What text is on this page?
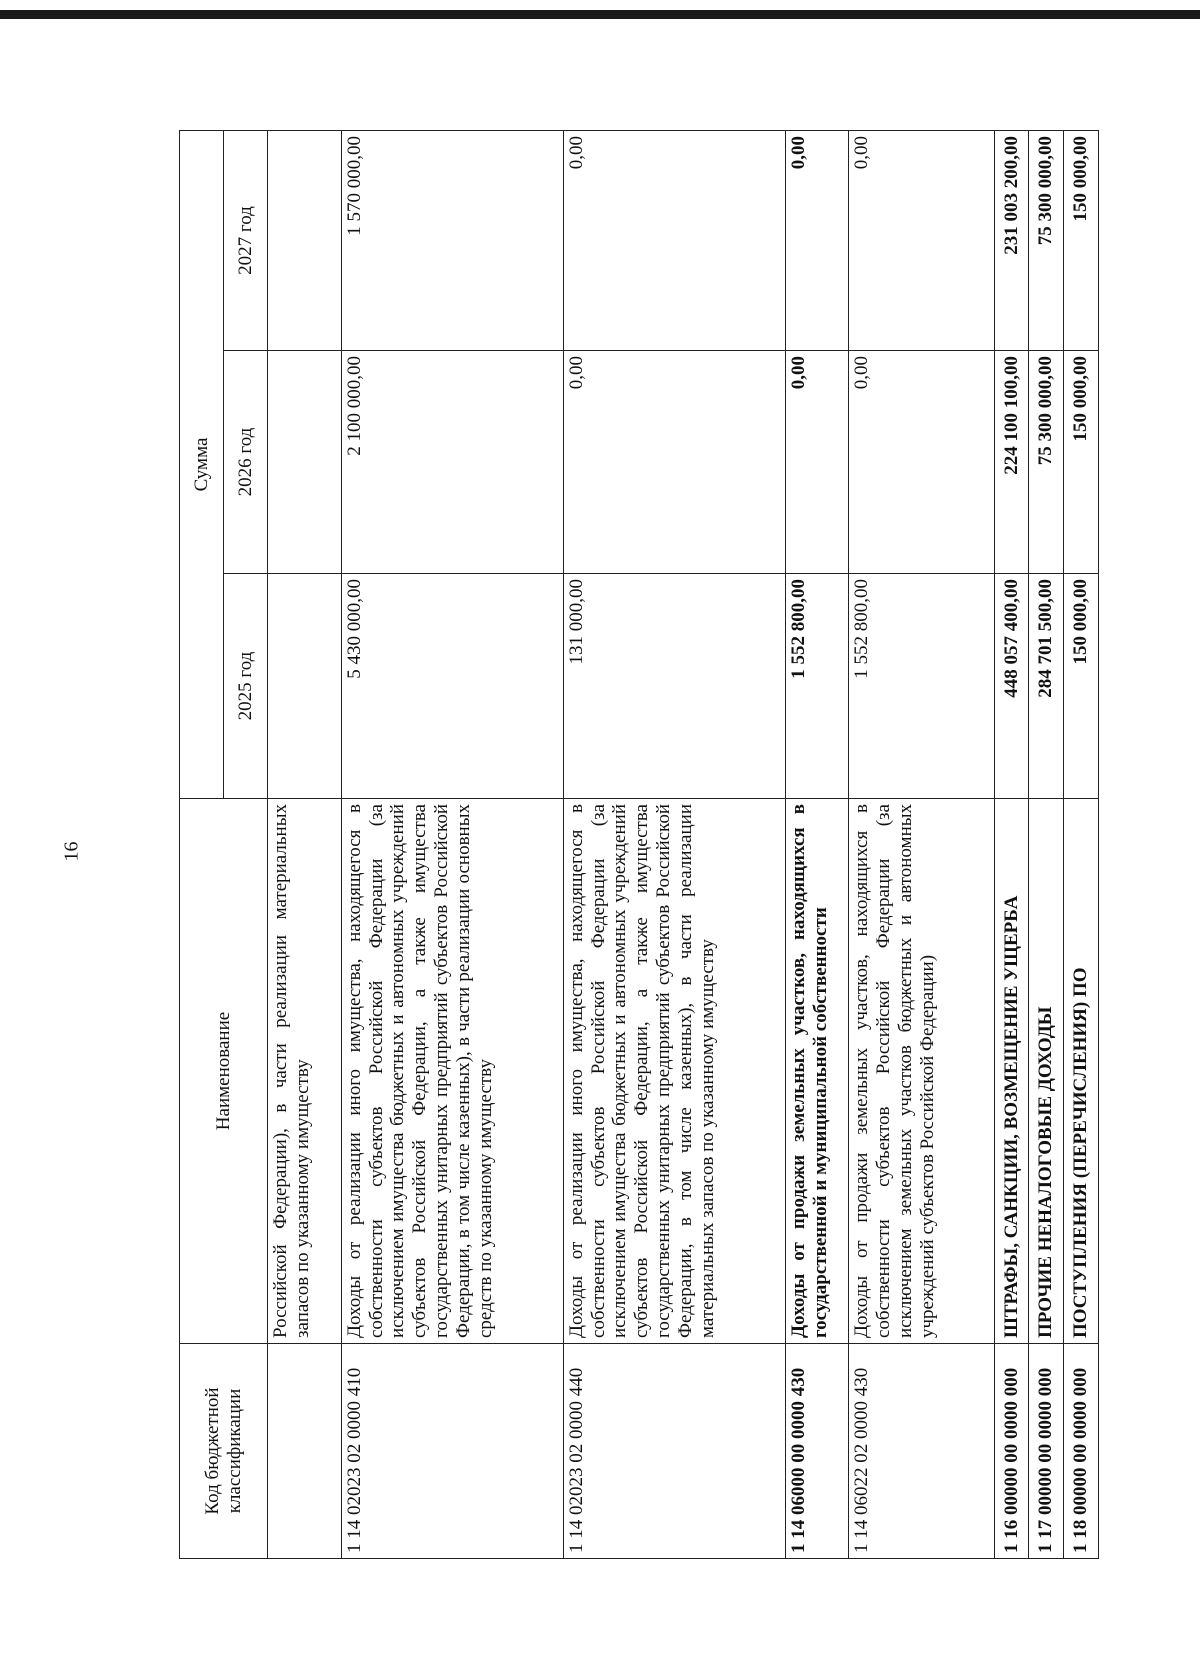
16
Код бюджетной классификации	Наименование	Сумма		
		2025 год	2026 год	2027 год
	Российской Федерации), в части реализации материальных запасов по указанному имуществу			
1 14 02023 02 0000 410	Доходы от реализации иного имущества, находящегося в собственности субъектов Российской Федерации (за исключением имущества бюджетных и автономных учреждений субъектов Российской Федерации, а также имущества государственных унитарных предприятий субъектов Российской Федерации, в том числе казенных), в части реализации основных средств по указанному имуществу	5 430 000,00	2 100 000,00	1 570 000,00
1 14 02023 02 0000 440	Доходы от реализации иного имущества, находящегося в собственности субъектов Российской Федерации (за исключением имущества бюджетных и автономных учреждений субъектов Российской Федерации, а также имущества государственных унитарных предприятий субъектов Российской Федерации, в том числе казенных), в части реализации материальных запасов по указанному имуществу	131 000,00	0,00	0,00
1 14 06000 00 0000 430	Доходы от продажи земельных участков, находящихся в государственной и муниципальной собственности	1 552 800,00	0,00	0,00
1 14 06022 02 0000 430	Доходы от продажи земельных участков, находящихся в собственности субъектов Российской Федерации (за исключением земельных участков бюджетных и автономных учреждений субъектов Российской Федерации)	1 552 800,00	0,00	0,00
1 16 00000 00 0000 000	ШТРАФЫ, САНКЦИИ, ВОЗМЕЩЕНИЕ УЩЕРБА	448 057 400,00	224 100 100,00	231 003 200,00
1 17 00000 00 0000 000	ПРОЧИЕ НЕНАЛОГОВЫЕ ДОХОДЫ	284 701 500,00	75 300 000,00	75 300 000,00
1 18 00000 00 0000 000	ПОСТУПЛЕНИЯ (ПЕРЕЧИСЛЕНИЯ) ПО	150 000,00	150 000,00	150 000,00
